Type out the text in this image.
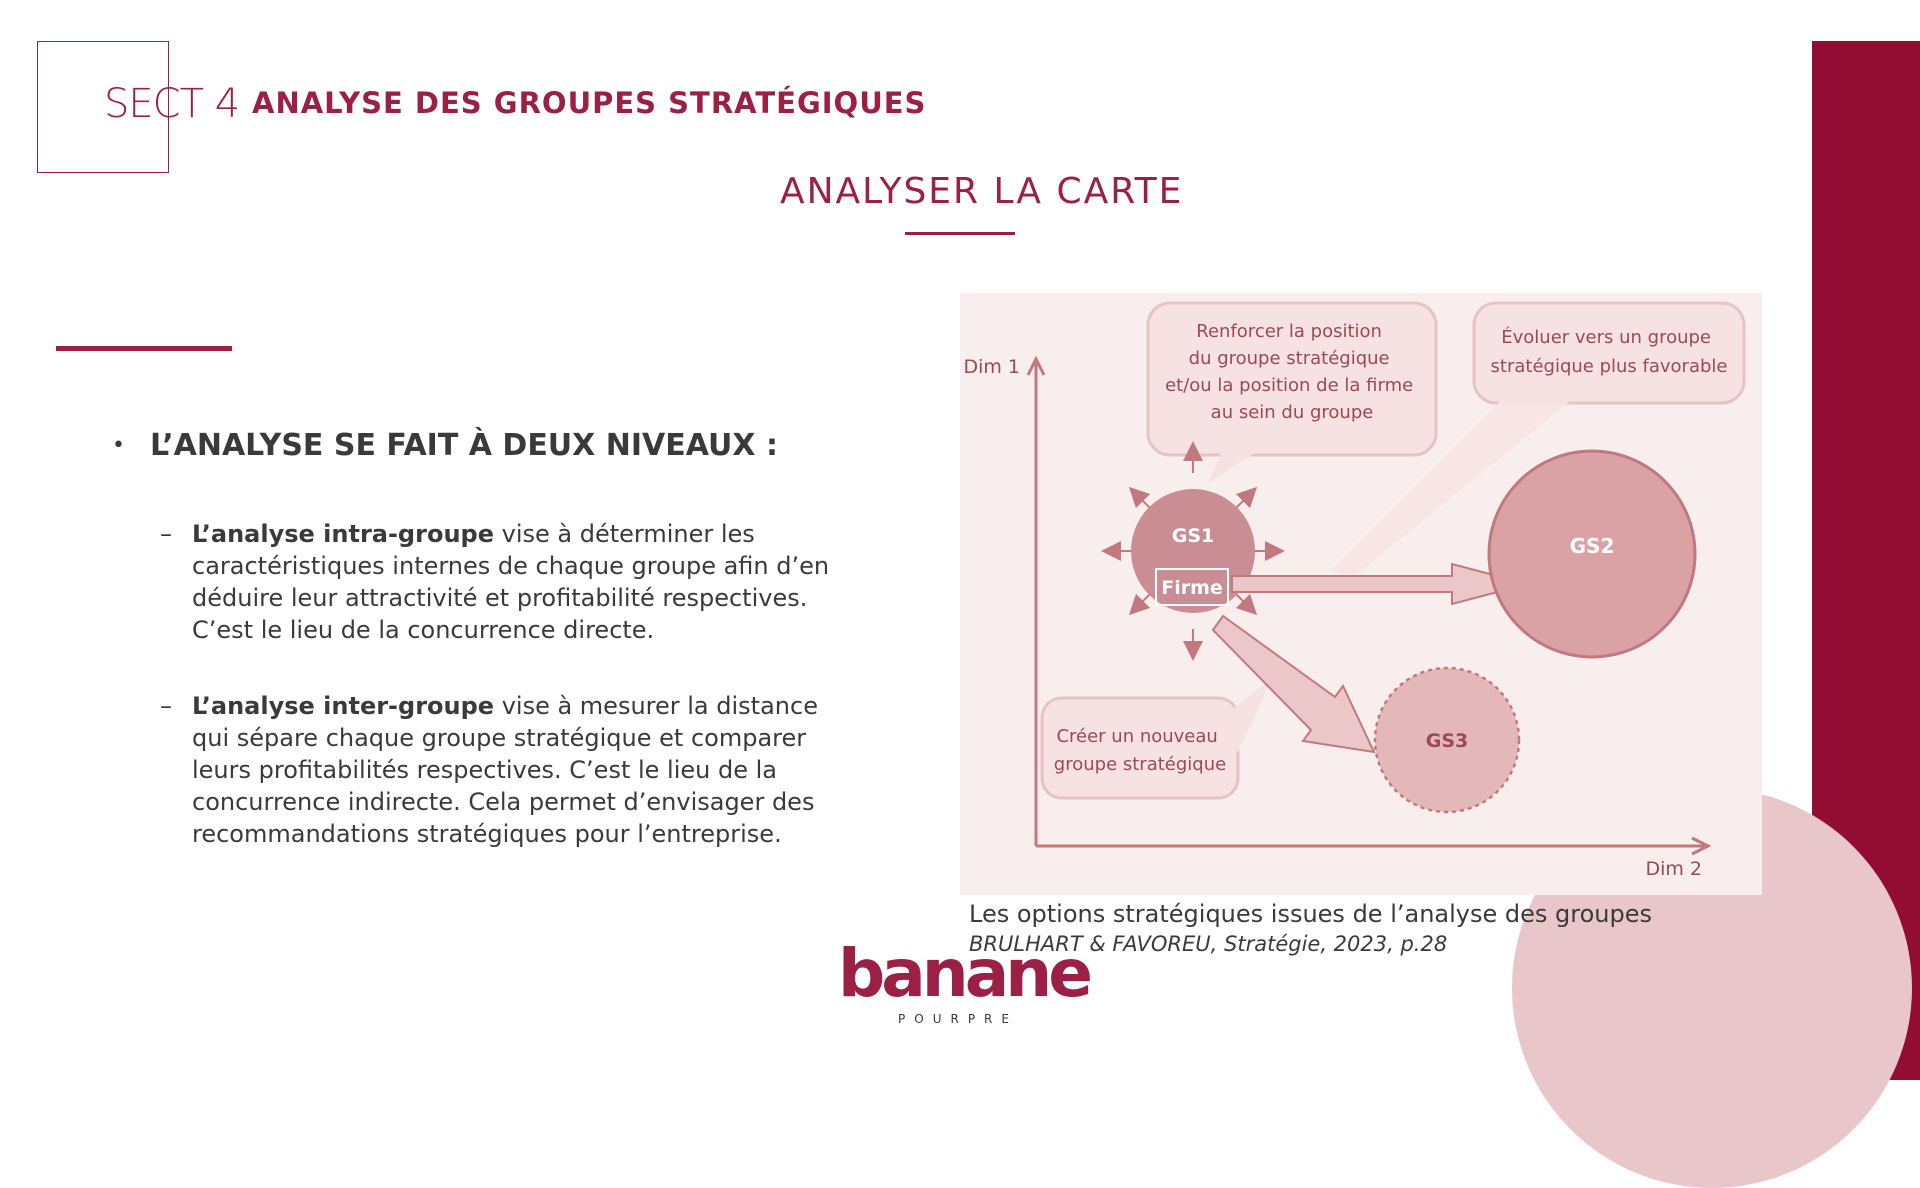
SECT 4 ANALYSE DES GROUPES STRATÉGIQUES
ANALYSER LA CARTE
• L’ANALYSE SE FAIT À DEUX NIVEAUX :
– L’analyse intra-groupe vise à déterminer les caractéristiques internes de chaque groupe afin d’en déduire leur attractivité et profitabilité respectives. C’est le lieu de la concurrence directe.
– L’analyse inter-groupe vise à mesurer la distance qui sépare chaque groupe stratégique et comparer leurs profitabilités respectives. C’est le lieu de la concurrence indirecte. Cela permet d’envisager des recommandations stratégiques pour l’entreprise.
Dim 1
Dim 2
Renforcer la position du groupe stratégique et/ou la position de la firme au sein du groupe
Évoluer vers un groupe stratégique plus favorable
Créer un nouveau groupe stratégique
GS1
Firme
GS2
GS3
Les options stratégiques issues de l’analyse des groupes
BRULHART & FAVOREU, Stratégie, 2023, p.28
banane
POURPRE
